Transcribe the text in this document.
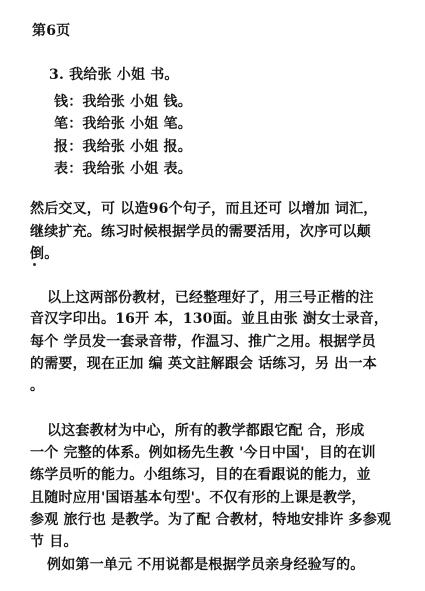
第6页
3. 我给张 小姐 书。
钱：我给张 小姐 钱。
笔：我给张 小姐 笔。
报：我给张 小姐 报。
表：我给张 小姐 表。
然后交叉，可 以造96个句子，而且还可 以增加 词汇，
继续扩充。练习时候根据学员的需要活用，次序可以颠
倒。
以上这两部份教材，已经整理好了，用三号正楷的注
音汉字印出。16开 本，130面。並且由张 澍女士录音，
每个 学员发一套录音带，作温习、推广之用。根据学员
的需要，现在正加 编 英文註解跟会 话练习，另 出一本
。
以这套教材为中心，所有的教学都跟它配 合，形成
一个 完整的体系。例如杨先生教 '今日中国'，目的在训
练学员听的能力。小组练习，目的在看跟说的能力，並
且随时应用'国语基本句型'。不仅有形的上课是教学，
参观 旅行也 是教学。为了配 合教材，特地安排许 多参观
节 目。
例如第一单元 不用说都是根据学员亲身经验写的。
